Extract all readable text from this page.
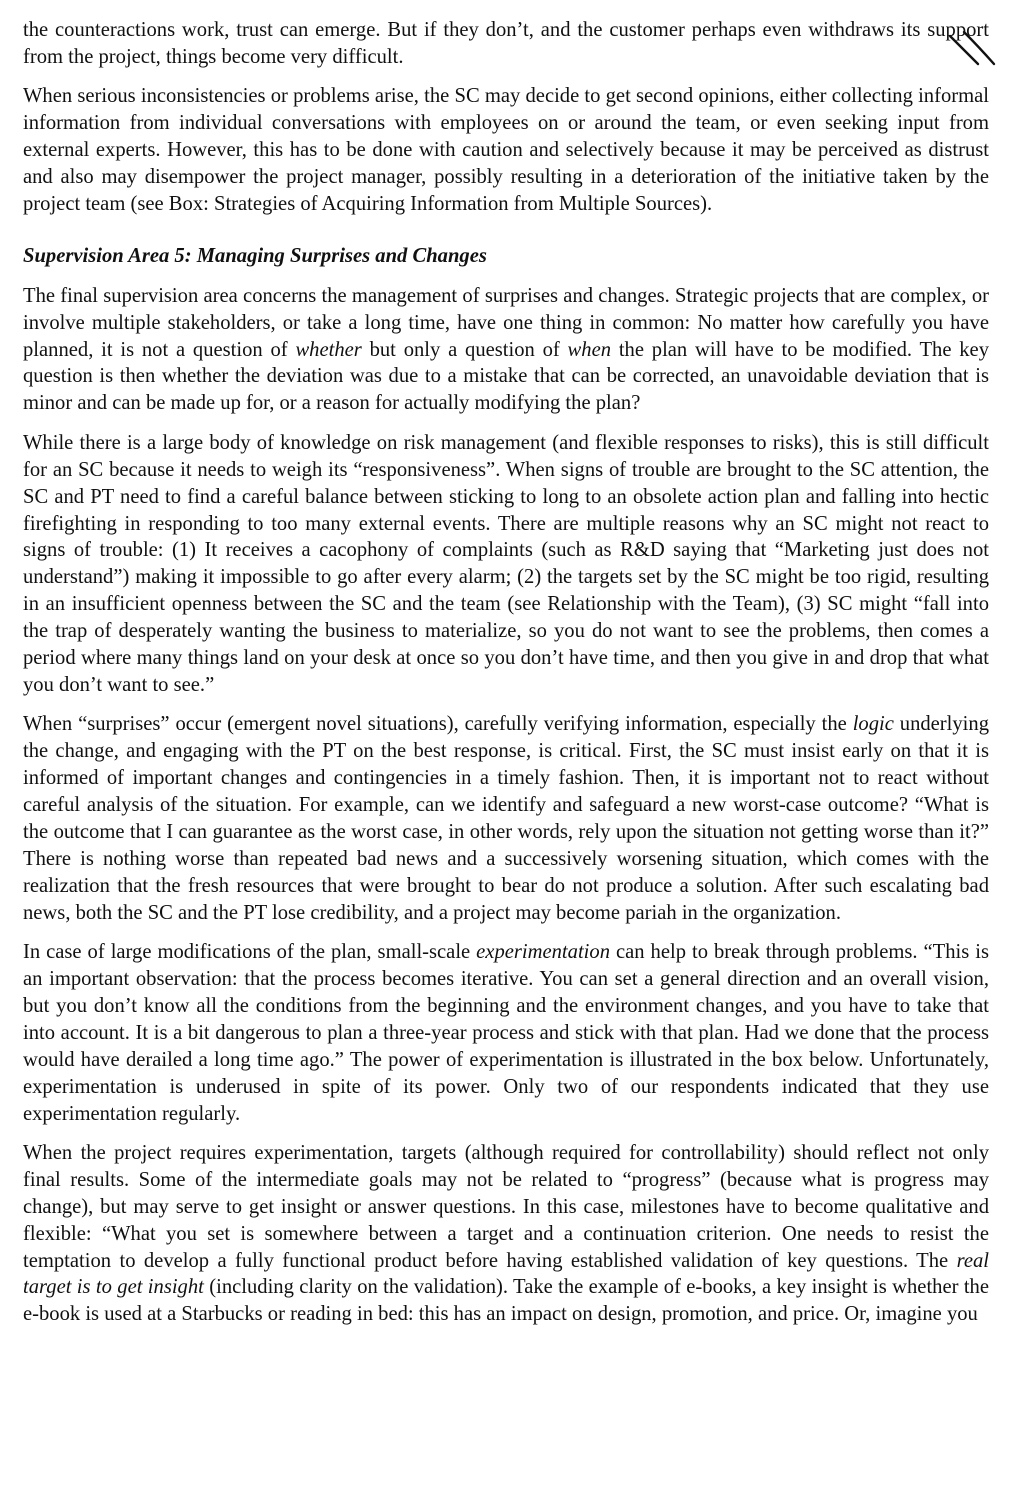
the counteractions work, trust can emerge. But if they don’t, and the customer perhaps even withdraws its support from the project, things become very difficult.

When serious inconsistencies or problems arise, the SC may decide to get second opinions, either collecting informal information from individual conversations with employees on or around the team, or even seeking input from external experts. However, this has to be done with caution and selectively because it may be perceived as distrust and also may disempower the project manager, possibly resulting in a deterioration of the initiative taken by the project team (see Box: Strategies of Acquiring Information from Multiple Sources).

Supervision Area 5: Managing Surprises and Changes

The final supervision area concerns the management of surprises and changes. Strategic projects that are complex, or involve multiple stakeholders, or take a long time, have one thing in common: No matter how carefully you have planned, it is not a question of whether but only a question of when the plan will have to be modified. The key question is then whether the deviation was due to a mistake that can be corrected, an unavoidable deviation that is minor and can be made up for, or a reason for actually modifying the plan?

While there is a large body of knowledge on risk management (and flexible responses to risks), this is still difficult for an SC because it needs to weigh its “responsiveness”. When signs of trouble are brought to the SC attention, the SC and PT need to find a careful balance between sticking to long to an obsolete action plan and falling into hectic firefighting in responding to too many external events. There are multiple reasons why an SC might not react to signs of trouble: (1) It receives a cacophony of complaints (such as R&D saying that “Marketing just does not understand”) making it impossible to go after every alarm; (2) the targets set by the SC might be too rigid, resulting in an insufficient openness between the SC and the team (see Relationship with the Team), (3) SC might “fall into the trap of desperately wanting the business to materialize, so you do not want to see the problems, then comes a period where many things land on your desk at once so you don’t have time, and then you give in and drop that what you don’t want to see.”

When “surprises” occur (emergent novel situations), carefully verifying information, especially the logic underlying the change, and engaging with the PT on the best response, is critical. First, the SC must insist early on that it is informed of important changes and contingencies in a timely fashion. Then, it is important not to react without careful analysis of the situation. For example, can we identify and safeguard a new worst-case outcome? “What is the outcome that I can guarantee as the worst case, in other words, rely upon the situation not getting worse than it?” There is nothing worse than repeated bad news and a successively worsening situation, which comes with the realization that the fresh resources that were brought to bear do not produce a solution. After such escalating bad news, both the SC and the PT lose credibility, and a project may become pariah in the organization.

In case of large modifications of the plan, small-scale experimentation can help to break through problems. “This is an important observation: that the process becomes iterative. You can set a general direction and an overall vision, but you don’t know all the conditions from the beginning and the environment changes, and you have to take that into account. It is a bit dangerous to plan a three-year process and stick with that plan. Had we done that the process would have derailed a long time ago.” The power of experimentation is illustrated in the box below. Unfortunately, experimentation is underused in spite of its power. Only two of our respondents indicated that they use experimentation regularly.

When the project requires experimentation, targets (although required for controllability) should reflect not only final results. Some of the intermediate goals may not be related to “progress” (because what is progress may change), but may serve to get insight or answer questions. In this case, milestones have to become qualitative and flexible: “What you set is somewhere between a target and a continuation criterion. One needs to resist the temptation to develop a fully functional product before having established validation of key questions. The real target is to get insight (including clarity on the validation). Take the example of e-books, a key insight is whether the e-book is used at a Starbucks or reading in bed: this has an impact on design, promotion, and price. Or, imagine you
